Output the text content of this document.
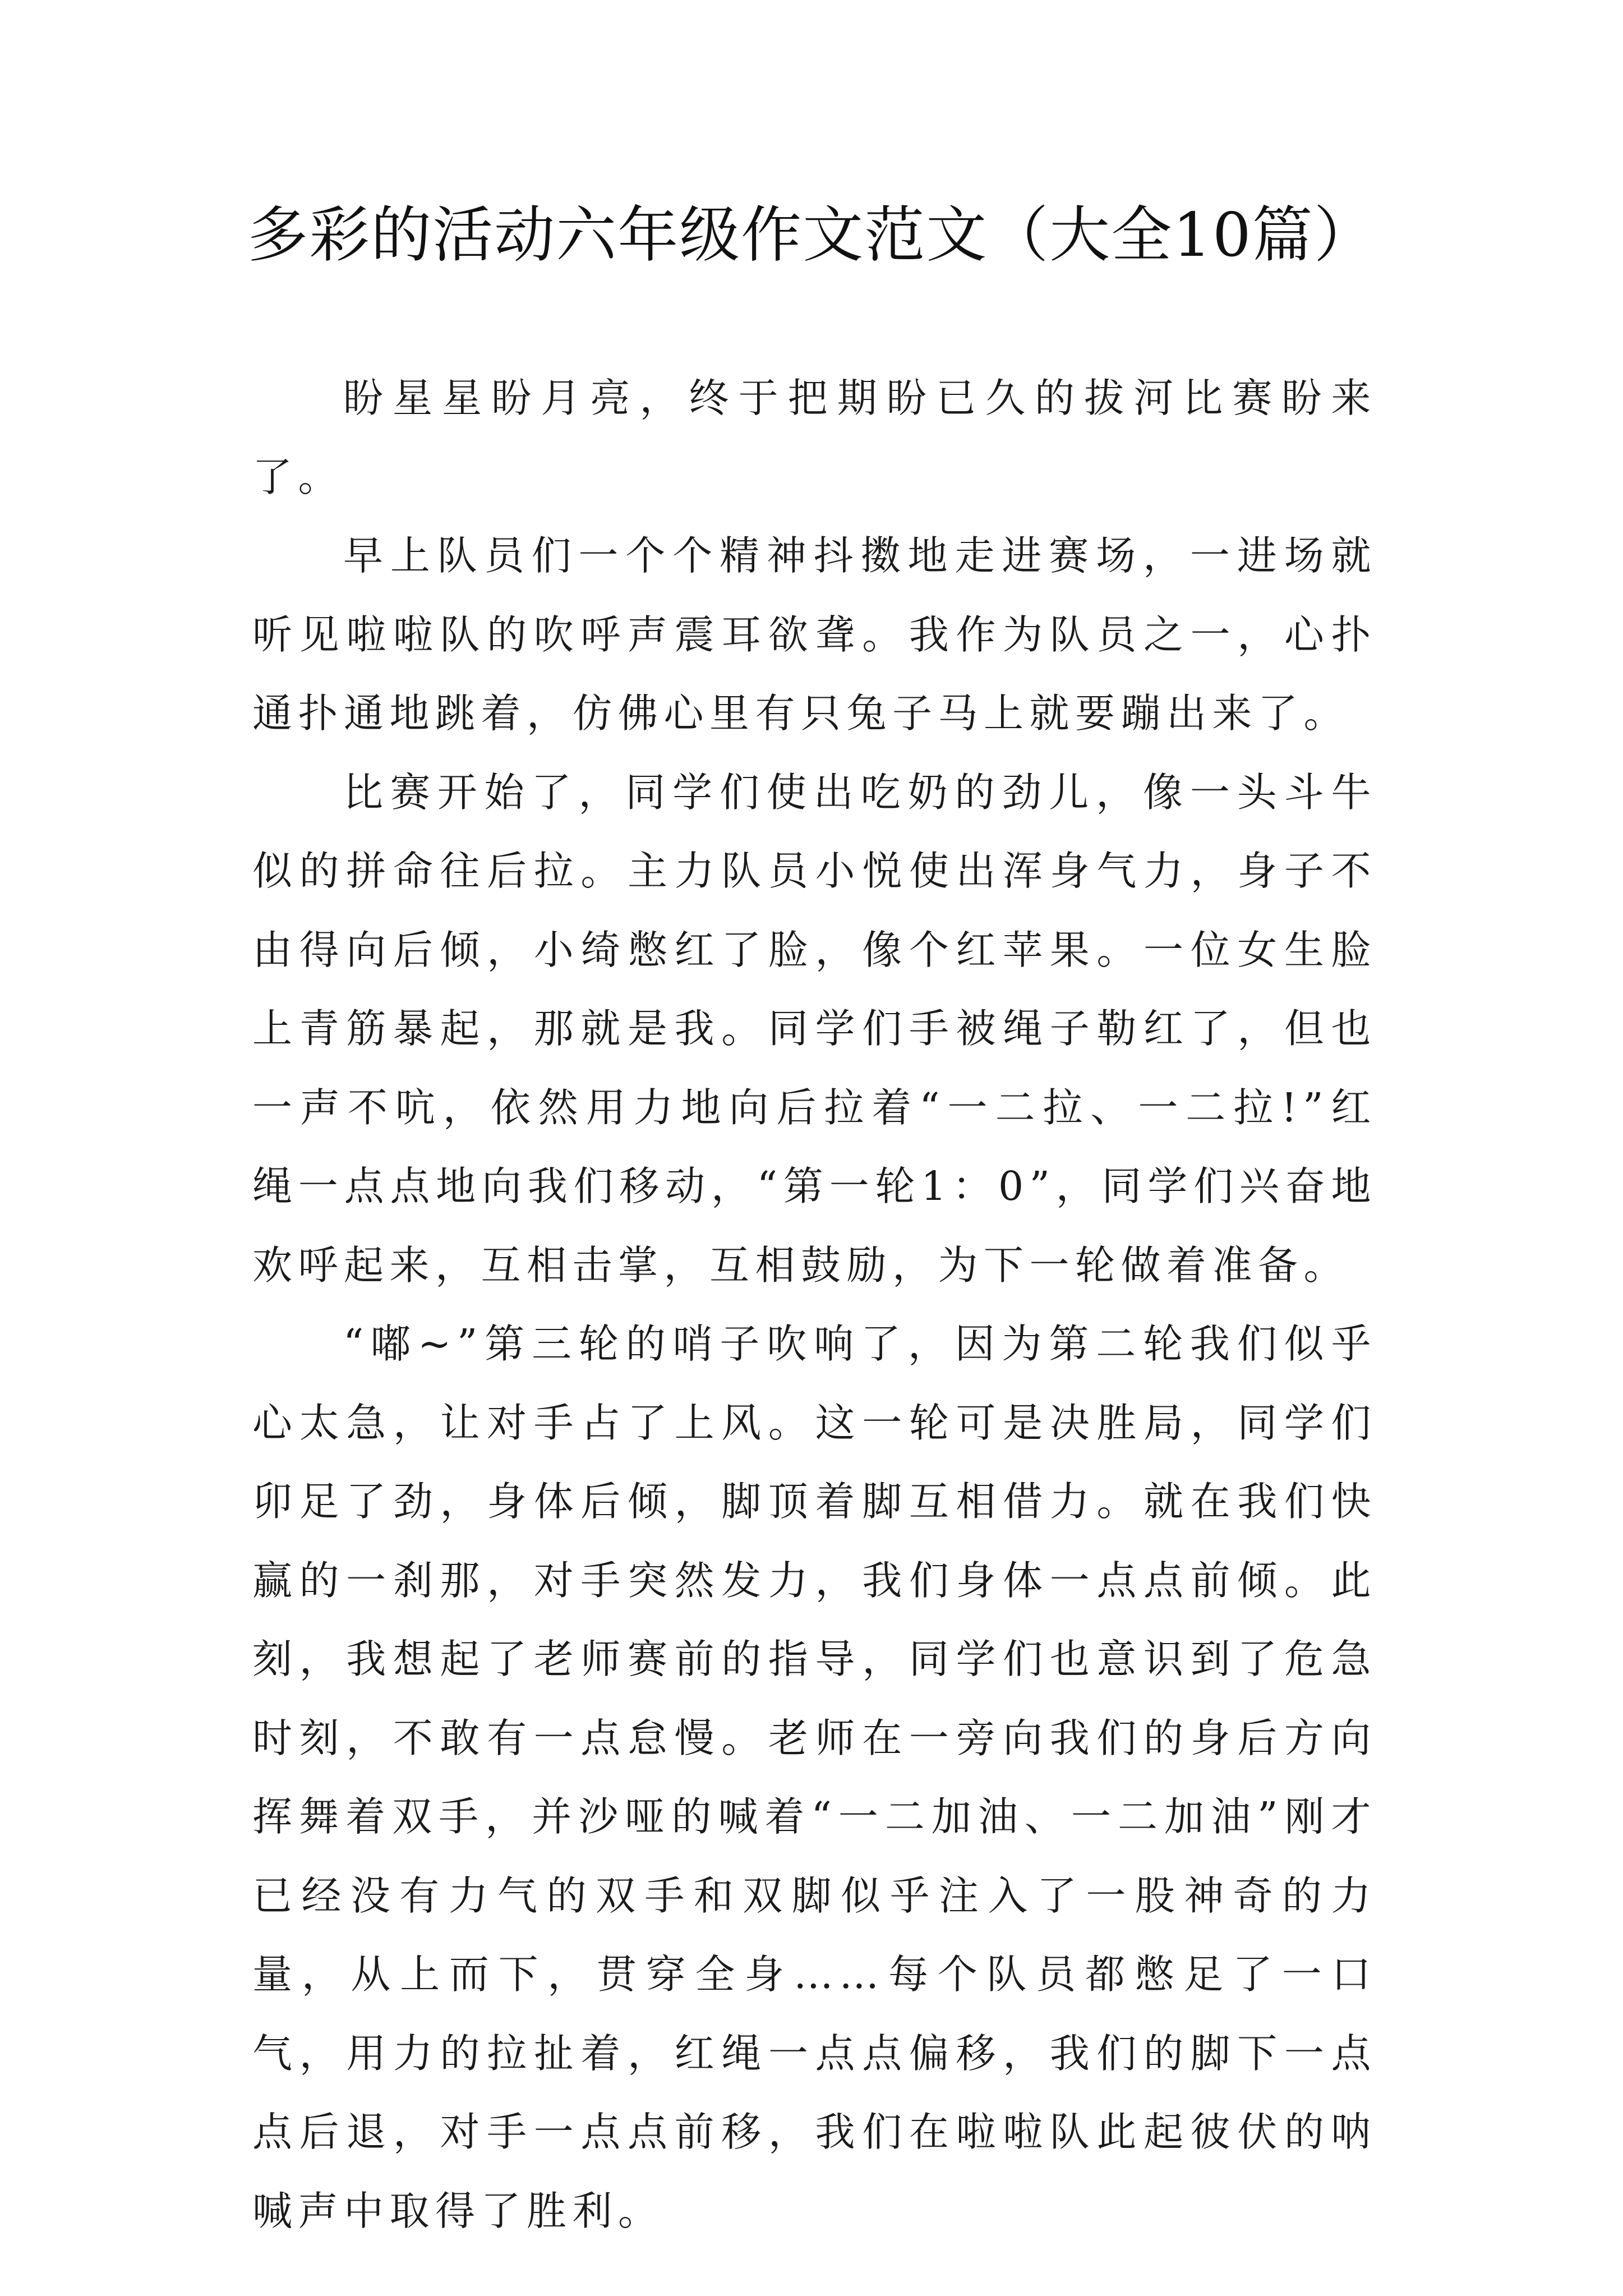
多彩的活动六年级作文范文（大全10篇）

盼星星盼月亮，终于把期盼已久的拔河比赛盼来了。

早上队员们一个个精神抖擞地走进赛场，一进场就听见啦啦队的吹呼声震耳欲聋。我作为队员之一，心扑通扑通地跳着，仿佛心里有只兔子马上就要蹦出来了。

比赛开始了，同学们使出吃奶的劲儿，像一头斗牛似的拼命往后拉。主力队员小悦使出浑身气力，身子不由得向后倾，小绮憋红了脸，像个红苹果。一位女生脸上青筋暴起，那就是我。同学们手被绳子勒红了，但也一声不吭，依然用力地向后拉着“一二拉、一二拉!”红绳一点点地向我们移动，“第一轮1：0”，同学们兴奋地欢呼起来，互相击掌，互相鼓励，为下一轮做着准备。

“嘟~”第三轮的哨子吹响了，因为第二轮我们似乎心太急，让对手占了上风。这一轮可是决胜局，同学们卯足了劲，身体后倾，脚顶着脚互相借力。就在我们快赢的一刹那，对手突然发力，我们身体一点点前倾。此刻，我想起了老师赛前的指导，同学们也意识到了危急时刻，不敢有一点怠慢。老师在一旁向我们的身后方向挥舞着双手，并沙哑的喊着“一二加油、一二加油”刚才已经没有力气的双手和双脚似乎注入了一股神奇的力量，从上而下，贯穿全身……每个队员都憋足了一口气，用力的拉扯着，红绳一点点偏移，我们的脚下一点点后退，对手一点点前移，我们在啦啦队此起彼伏的呐喊声中取得了胜利。
